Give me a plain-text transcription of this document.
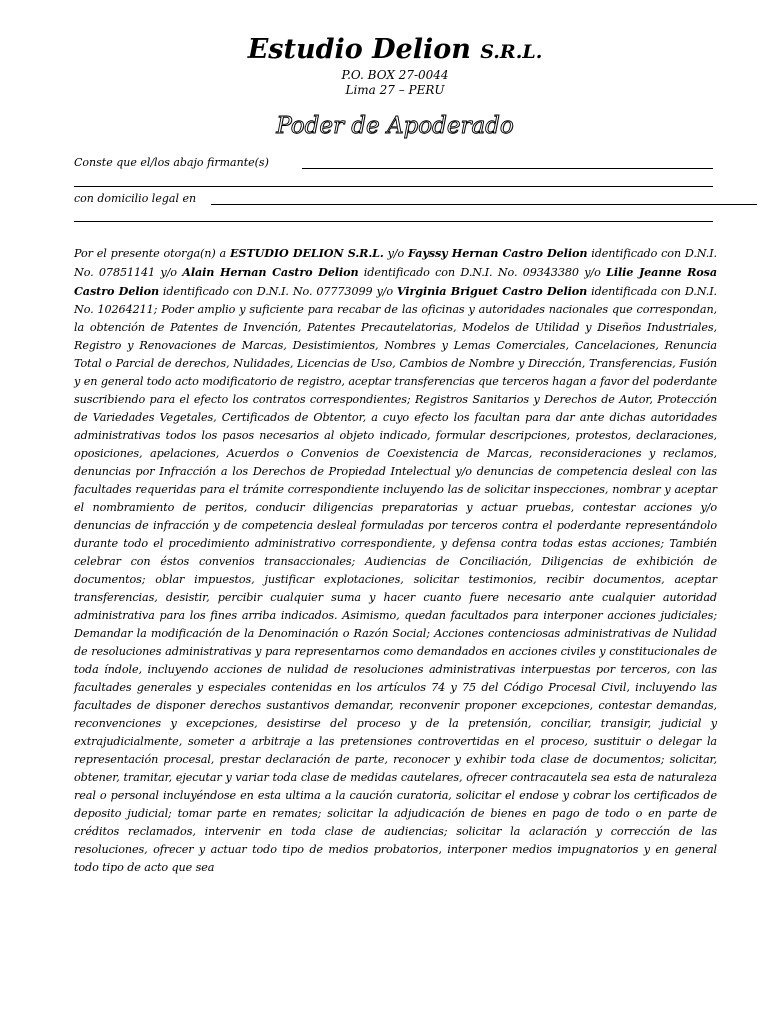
Estudio Delion S.R.L.
P.O. BOX 27-0044
Lima 27 – PERU
Poder de Apoderado
Conste que el/los abajo firmante(s)
con domicilio legal en
Por el presente otorga(n) a ESTUDIO DELION S.R.L. y/o Fayssy Hernan Castro Delion identificado con D.N.I. No. 07851141 y/o Alain Hernan Castro Delion identificado con D.N.I. No. 09343380 y/o Lilie Jeanne Rosa Castro Delion identificado con D.N.I. No. 07773099 y/o Virginia Briguet Castro Delion identificada con D.N.I. No. 10264211; Poder amplio y suficiente para recabar de las oficinas y autoridades nacionales que correspondan, la obtención de Patentes de Invención, Patentes Precautelatorias, Modelos de Utilidad y Diseños Industriales, Registro y Renovaciones de Marcas, Desistimientos, Nombres y Lemas Comerciales, Cancelaciones, Renuncia Total o Parcial de derechos, Nulidades, Licencias de Uso, Cambios de Nombre y Dirección, Transferencias, Fusión y en general todo acto modificatorio de registro, aceptar transferencias que terceros hagan a favor del poderdante suscribiendo para el efecto los contratos correspondientes; Registros Sanitarios y Derechos de Autor, Protección de Variedades Vegetales, Certificados de Obtentor, a cuyo efecto los facultan para dar ante dichas autoridades administrativas todos los pasos necesarios al objeto indicado, formular descripciones, protestos, declaraciones, oposiciones, apelaciones, Acuerdos o Convenios de Coexistencia de Marcas, reconsideraciones y reclamos, denuncias por Infracción a los Derechos de Propiedad Intelectual y/o denuncias de competencia desleal con las facultades requeridas para el trámite correspondiente incluyendo las de solicitar inspecciones, nombrar y aceptar el nombramiento de peritos, conducir diligencias preparatorias y actuar pruebas, contestar acciones y/o denuncias de infracción y de competencia desleal formuladas por terceros contra el poderdante representándolo durante todo el procedimiento administrativo correspondiente, y defensa contra todas estas acciones; También celebrar con éstos convenios transaccionales; Audiencias de Conciliación, Diligencias de exhibición de documentos; oblar impuestos, justificar explotaciones, solicitar testimonios, recibir documentos, aceptar transferencias, desistir, percibir cualquier suma y hacer cuanto fuere necesario ante cualquier autoridad administrativa para los fines arriba indicados. Asimismo, quedan facultados para interponer acciones judiciales; Demandar la modificación de la Denominación o Razón Social; Acciones contenciosas administrativas de Nulidad de resoluciones administrativas y para representarnos como demandados en acciones civiles y constitucionales de toda índole, incluyendo acciones de nulidad de resoluciones administrativas interpuestas por terceros, con las facultades generales y especiales contenidas en los artículos 74 y 75 del Código Procesal Civil, incluyendo las facultades de disponer derechos sustantivos demandar, reconvenir proponer excepciones, contestar demandas, reconvenciones y excepciones, desistirse del proceso y de la pretensión, conciliar, transigir, judicial y extrajudicialmente, someter a arbitraje a las pretensiones controvertidas en el proceso, sustituir o delegar la representación procesal, prestar declaración de parte, reconocer y exhibir toda clase de documentos; solicitar, obtener, tramitar, ejecutar y variar toda clase de medidas cautelares, ofrecer contracautela sea esta de naturaleza real o personal incluyéndose en esta ultima a la caución curatoria, solicitar el endose y cobrar los certificados de deposito judicial; tomar parte en remates; solicitar la adjudicación de bienes en pago de todo o en parte de créditos reclamados, intervenir en toda clase de audiencias; solicitar la aclaración y corrección de las resoluciones, ofrecer y actuar todo tipo de medios probatorios, interponer medios impugnatorios y en general todo tipo de acto que sea
